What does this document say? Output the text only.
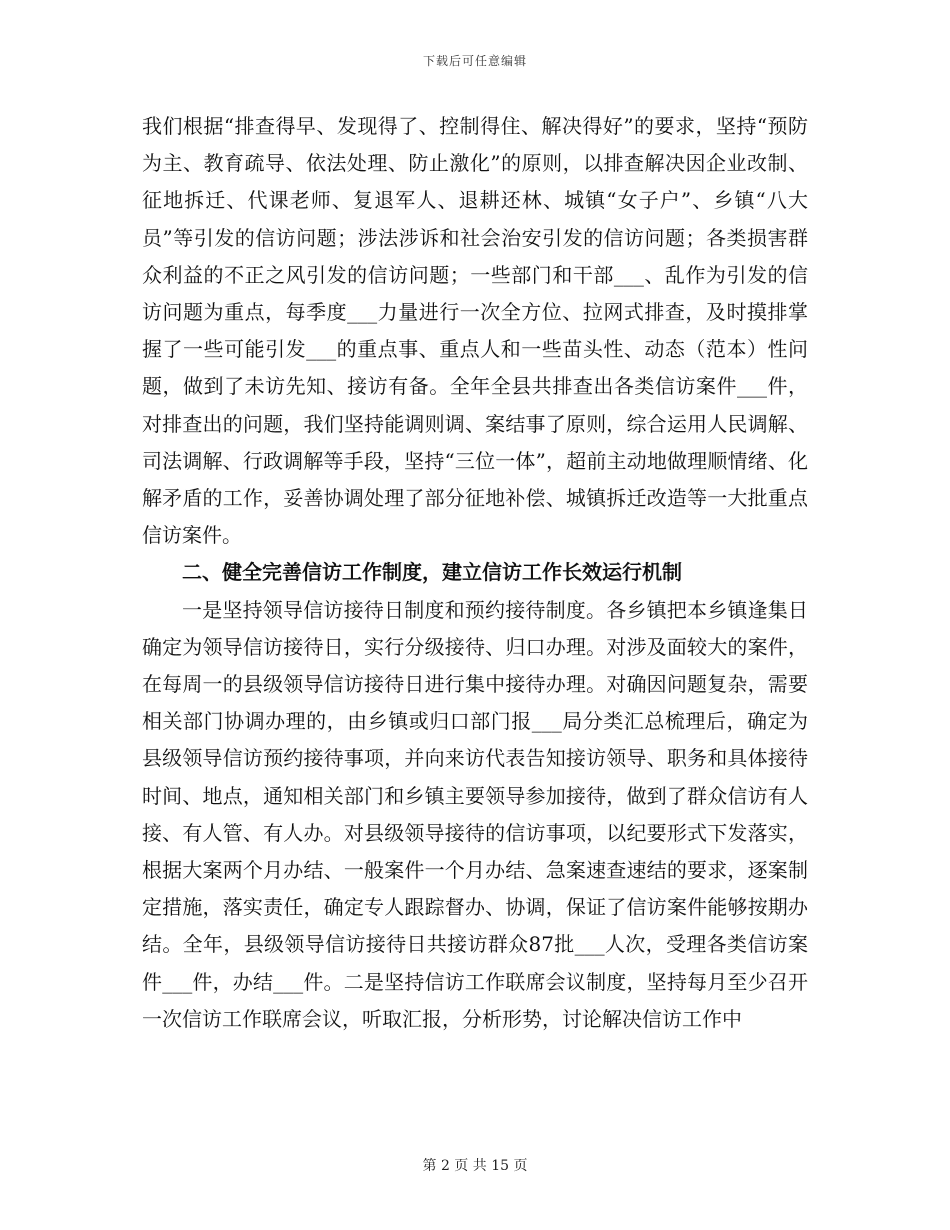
下载后可任意编辑

我们根据“排查得早、发现得了、控制得住、解决得好”的要求，坚持“预防为主、教育疏导、依法处理、防止激化”的原则，以排查解决因企业改制、征地拆迁、代课老师、复退军人、退耕还林、城镇“女子户”、乡镇“八大员”等引发的信访问题；涉法涉诉和社会治安引发的信访问题；各类损害群众利益的不正之风引发的信访问题；一些部门和干部___、乱作为引发的信访问题为重点，每季度___力量进行一次全方位、拉网式排查，及时摸排掌握了一些可能引发___的重点事、重点人和一些苗头性、动态（范本）性问题，做到了未访先知、接访有备。全年全县共排查出各类信访案件___件，对排查出的问题，我们坚持能调则调、案结事了原则，综合运用人民调解、司法调解、行政调解等手段，坚持“三位一体”，超前主动地做理顺情绪、化解矛盾的工作，妥善协调处理了部分征地补偿、城镇拆迁改造等一大批重点信访案件。

二、健全完善信访工作制度，建立信访工作长效运行机制

一是坚持领导信访接待日制度和预约接待制度。各乡镇把本乡镇逢集日确定为领导信访接待日，实行分级接待、归口办理。对涉及面较大的案件，在每周一的县级领导信访接待日进行集中接待办理。对确因问题复杂，需要相关部门协调办理的，由乡镇或归口部门报___局分类汇总梳理后，确定为县级领导信访预约接待事项，并向来访代表告知接访领导、职务和具体接待时间、地点，通知相关部门和乡镇主要领导参加接待，做到了群众信访有人接、有人管、有人办。对县级领导接待的信访事项，以纪要形式下发落实，根据大案两个月办结、一般案件一个月办结、急案速查速结的要求，逐案制定措施，落实责任，确定专人跟踪督办、协调，保证了信访案件能够按期办结。全年，县级领导信访接待日共接访群众87批___人次，受理各类信访案件___件，办结___件。二是坚持信访工作联席会议制度，坚持每月至少召开一次信访工作联席会议，听取汇报，分析形势，讨论解决信访工作中

第 2 页 共 15 页
